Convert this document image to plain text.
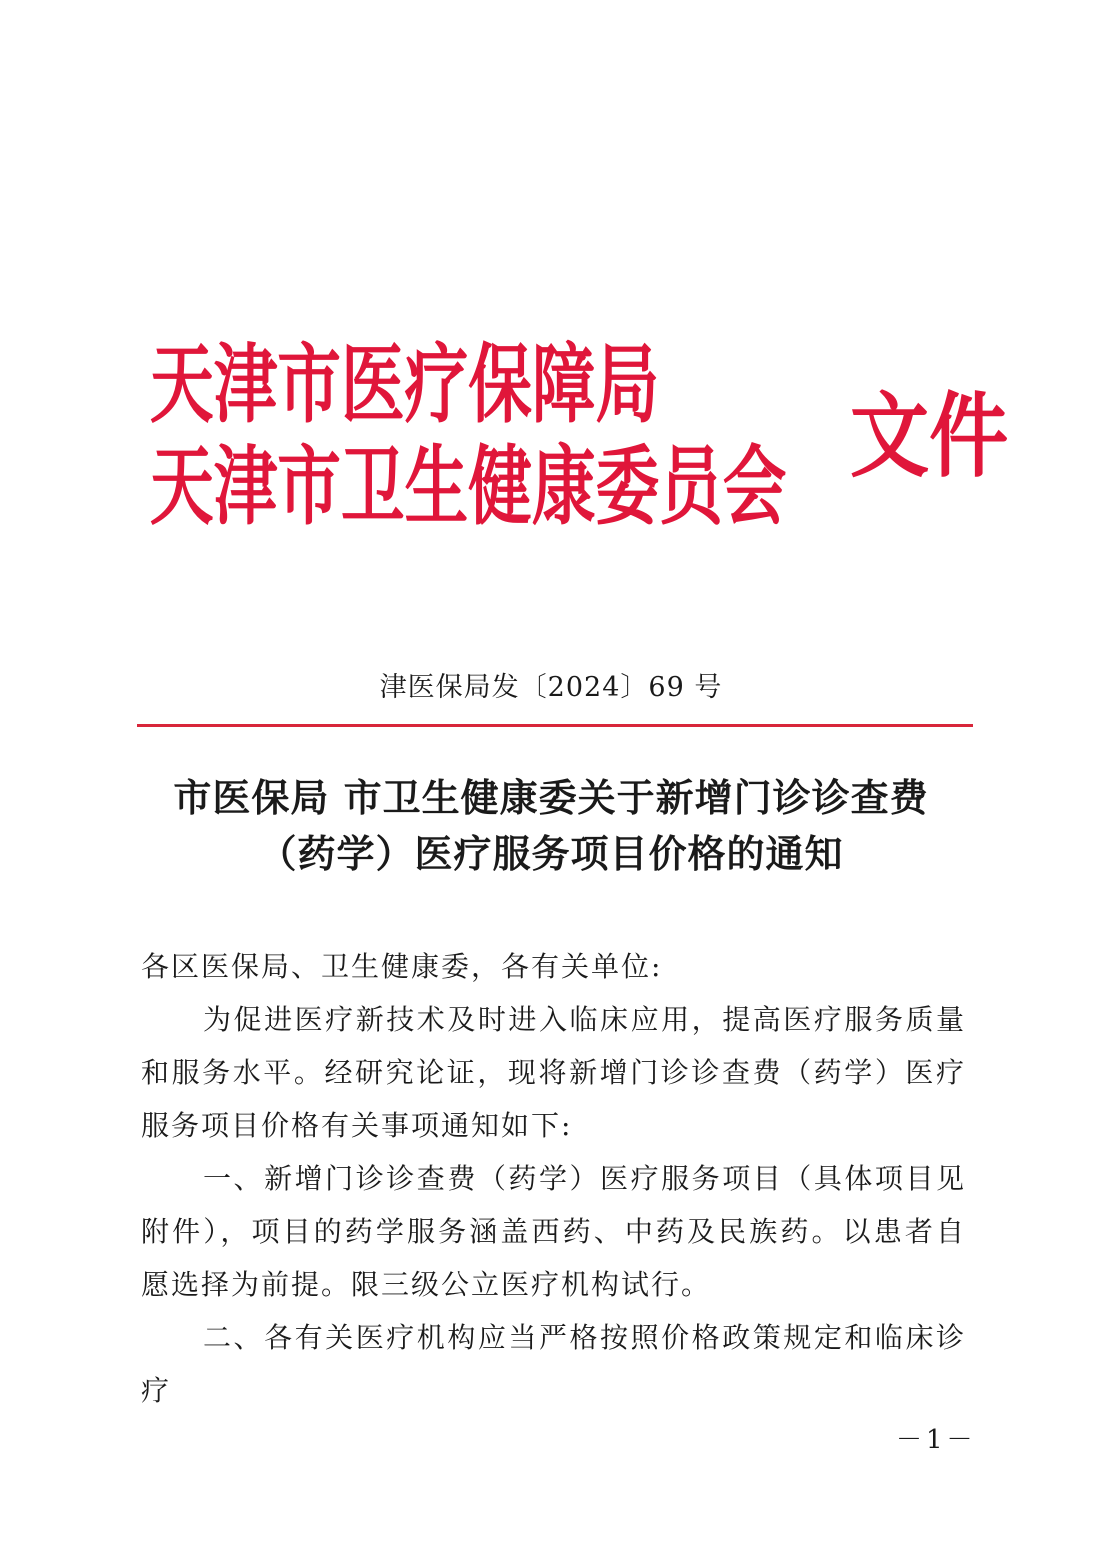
天津市医疗保障局
天津市卫生健康委员会 文件
津医保局发〔2024〕69 号
市医保局 市卫生健康委关于新增门诊诊查费
（药学）医疗服务项目价格的通知

各区医保局、卫生健康委，各有关单位:

为促进医疗新技术及时进入临床应用，提高医疗服务质量和服务水平。经研究论证，现将新增门诊诊查费（药学）医疗服务项目价格有关事项通知如下:

一、新增门诊诊查费（药学）医疗服务项目（具体项目见附件），项目的药学服务涵盖西药、中药及民族药。以患者自愿选择为前提。限三级公立医疗机构试行。

二、各有关医疗机构应当严格按照价格政策规定和临床诊疗

－1－
